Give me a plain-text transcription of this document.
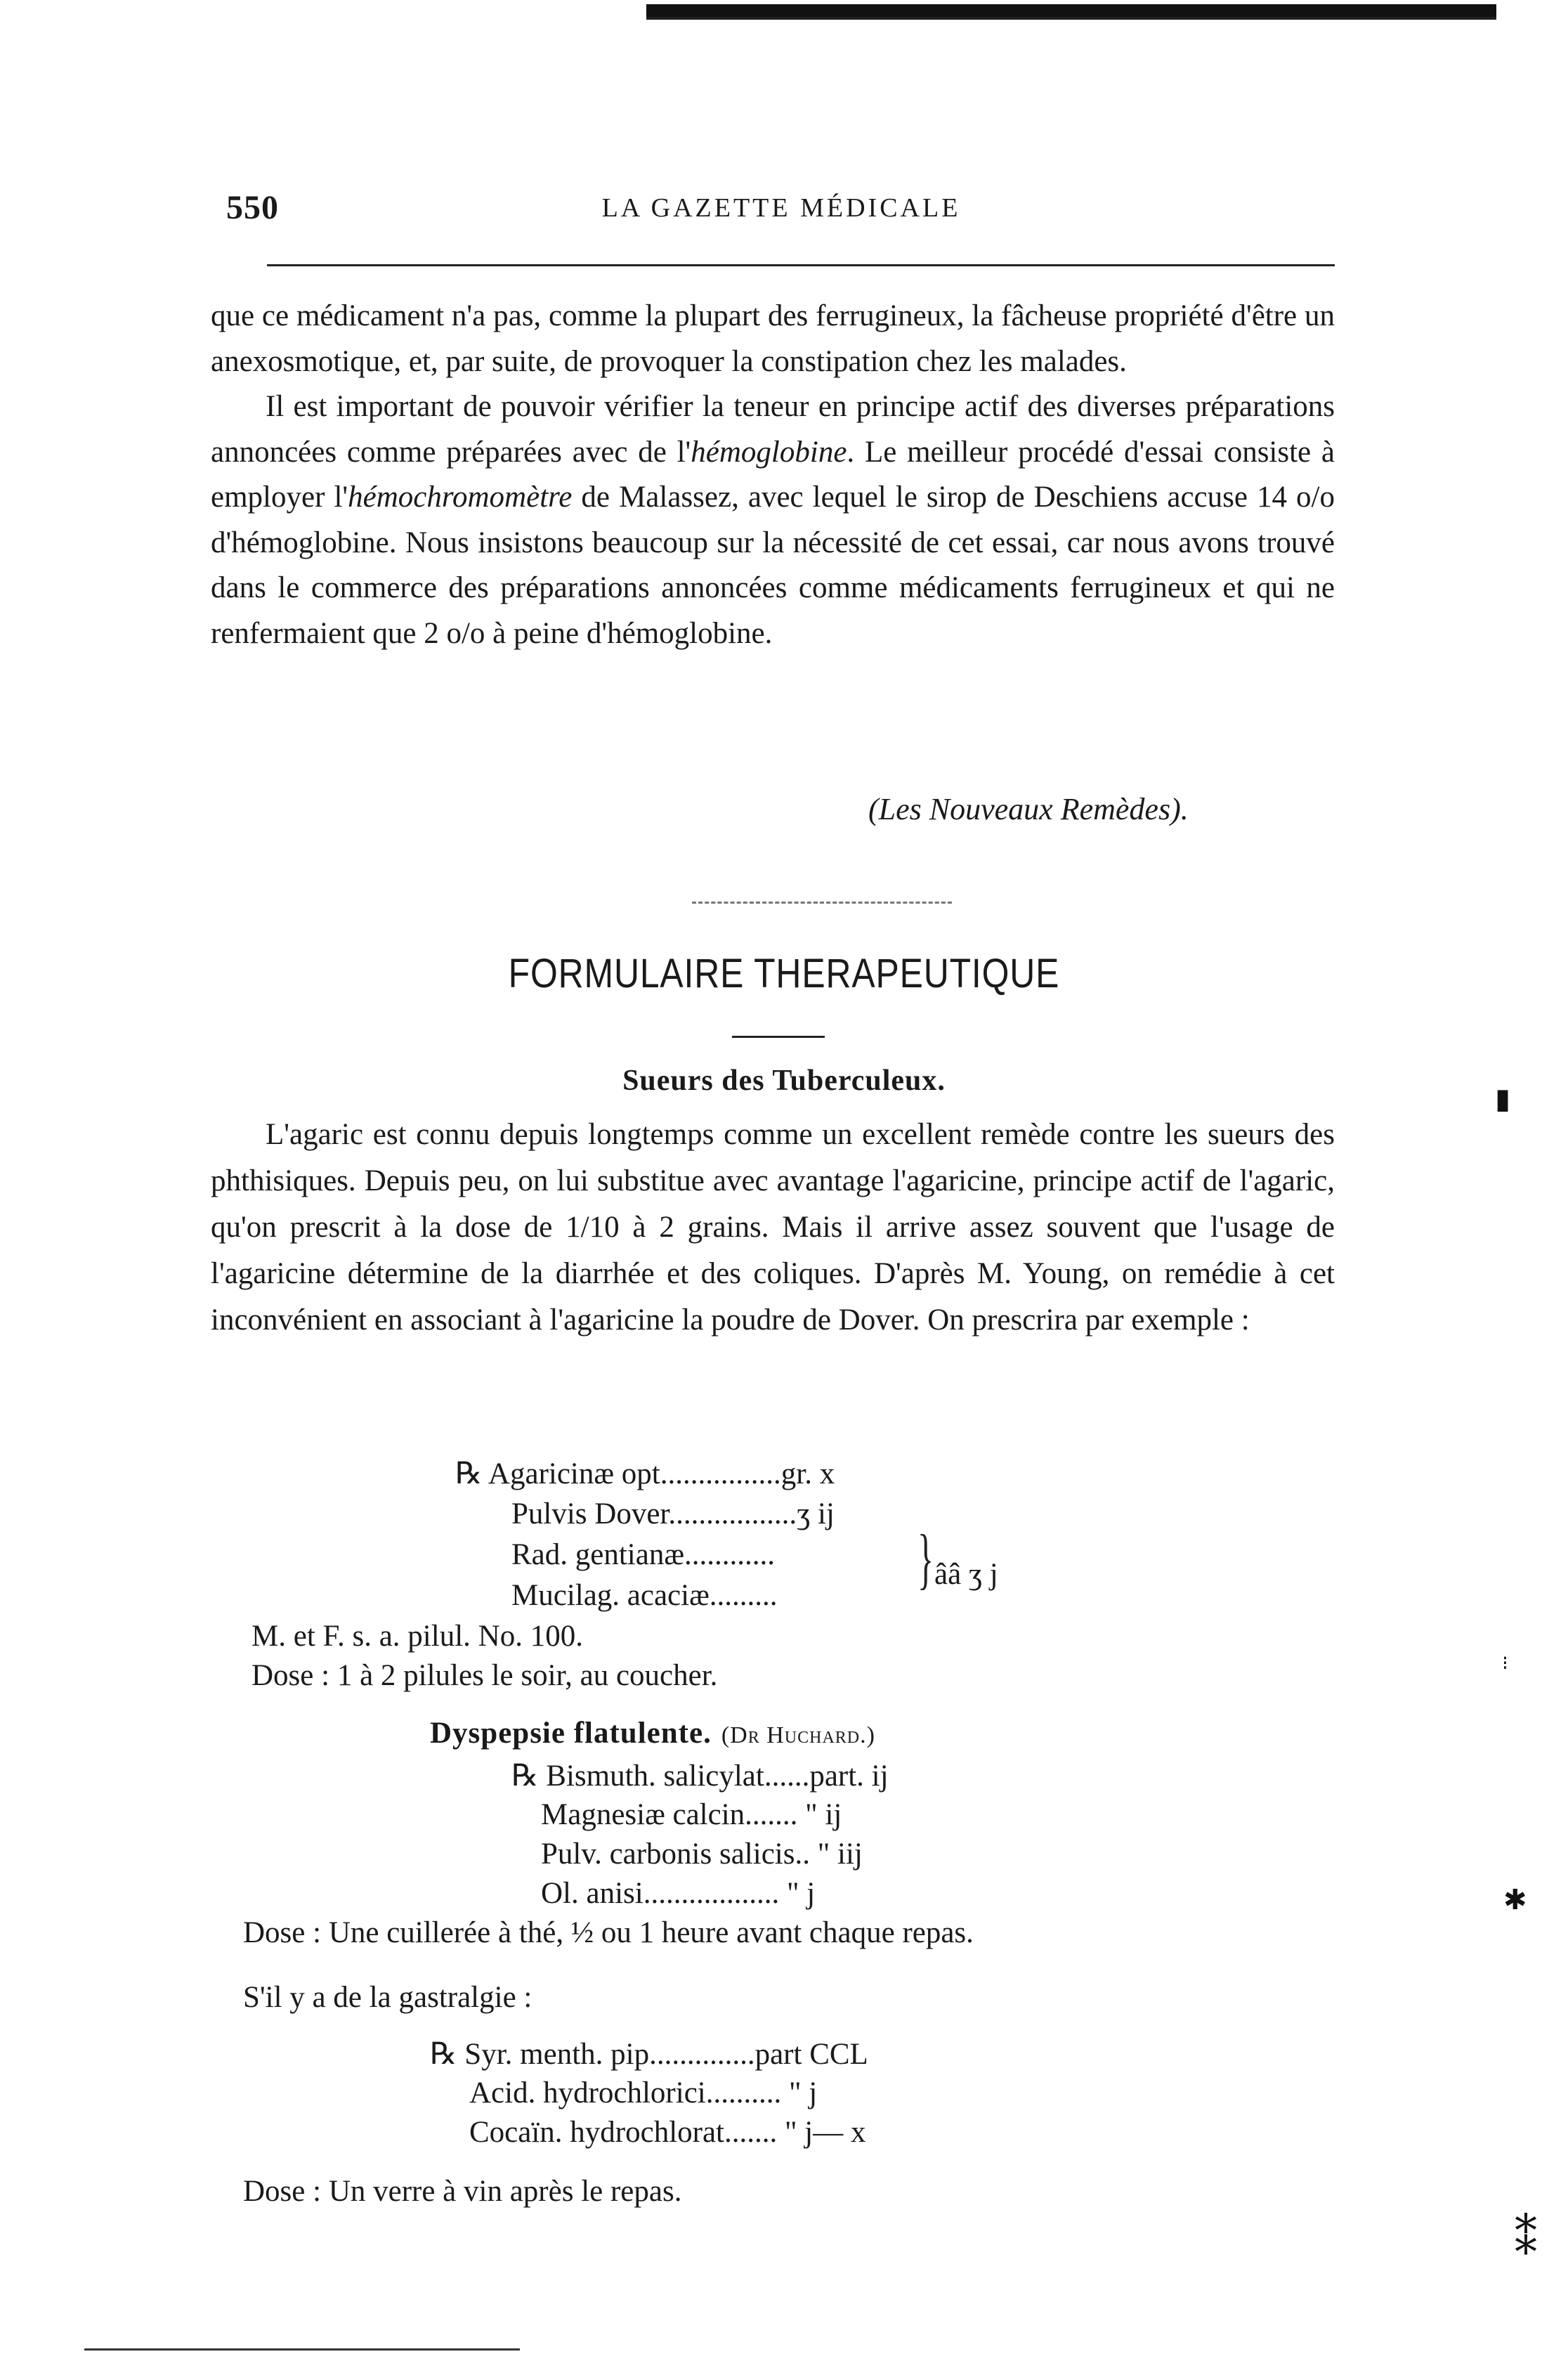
550	LA GAZETTE MÉDICALE

que ce médicament n'a pas, comme la plupart des ferrugineux, la fâcheuse propriété d'être un anexosmotique, et, par suite, de provoquer la constipation chez les malades.

Il est important de pouvoir vérifier la teneur en principe actif des diverses préparations annoncées comme préparées avec de l'hémoglobine. Le meilleur procédé d'essai consiste à employer l'hémochromomètre de Malassez, avec lequel le sirop de Deschiens accuse 14 o/o d'hémoglobine. Nous insistons beaucoup sur la nécessité de cet essai, car nous avons trouvé dans le commerce des préparations annoncées comme médicaments ferrugineux et qui ne renfermaient que 2 o/o à peine d'hémoglobine.

(Les Nouveaux Remèdes).
FORMULAIRE THERAPEUTIQUE
Sueurs des Tuberculeux.

L'agaric est connu depuis longtemps comme un excellent remède contre les sueurs des phthisiques. Depuis peu, on lui substitue avec avantage l'agaricine, principe actif de l'agaric, qu'on prescrit à la dose de 1/10 à 2 grains. Mais il arrive assez souvent que l'usage de l'agaricine détermine de la diarrhée et des coliques. D'après M. Young, on remédie à cet inconvénient en associant à l'agaricine la poudre de Dover. On prescrira par exemple :

℞ Agaricinæ opt................gr. x
Pulvis Dover.................ʒ ij
Rad. gentianæ............
Mucilag. acaciæ......... } ââ ʒ j
M. et F. s. a. pilul. No. 100.
Dose : 1 à 2 pilules le soir, au coucher.
Dyspepsie flatulente. (Dr Huchard.)
℞ Bismuth. salicylat......part. ij
Magnesiæ calcin....... " ij
Pulv. carbonis salicis.. " iij
Ol. anisi.................. " j
Dose : Une cuillerée à thé, ½ ou 1 heure avant chaque repas.
S'il y a de la gastralgie :
℞ Syr. menth. pip..............part CCL
Acid. hydrochlorici.......... " j
Cocaïn. hydrochlorat....... " j— x
Dose : Un verre à vin après le repas.
▮
⁝
✱
⁑
